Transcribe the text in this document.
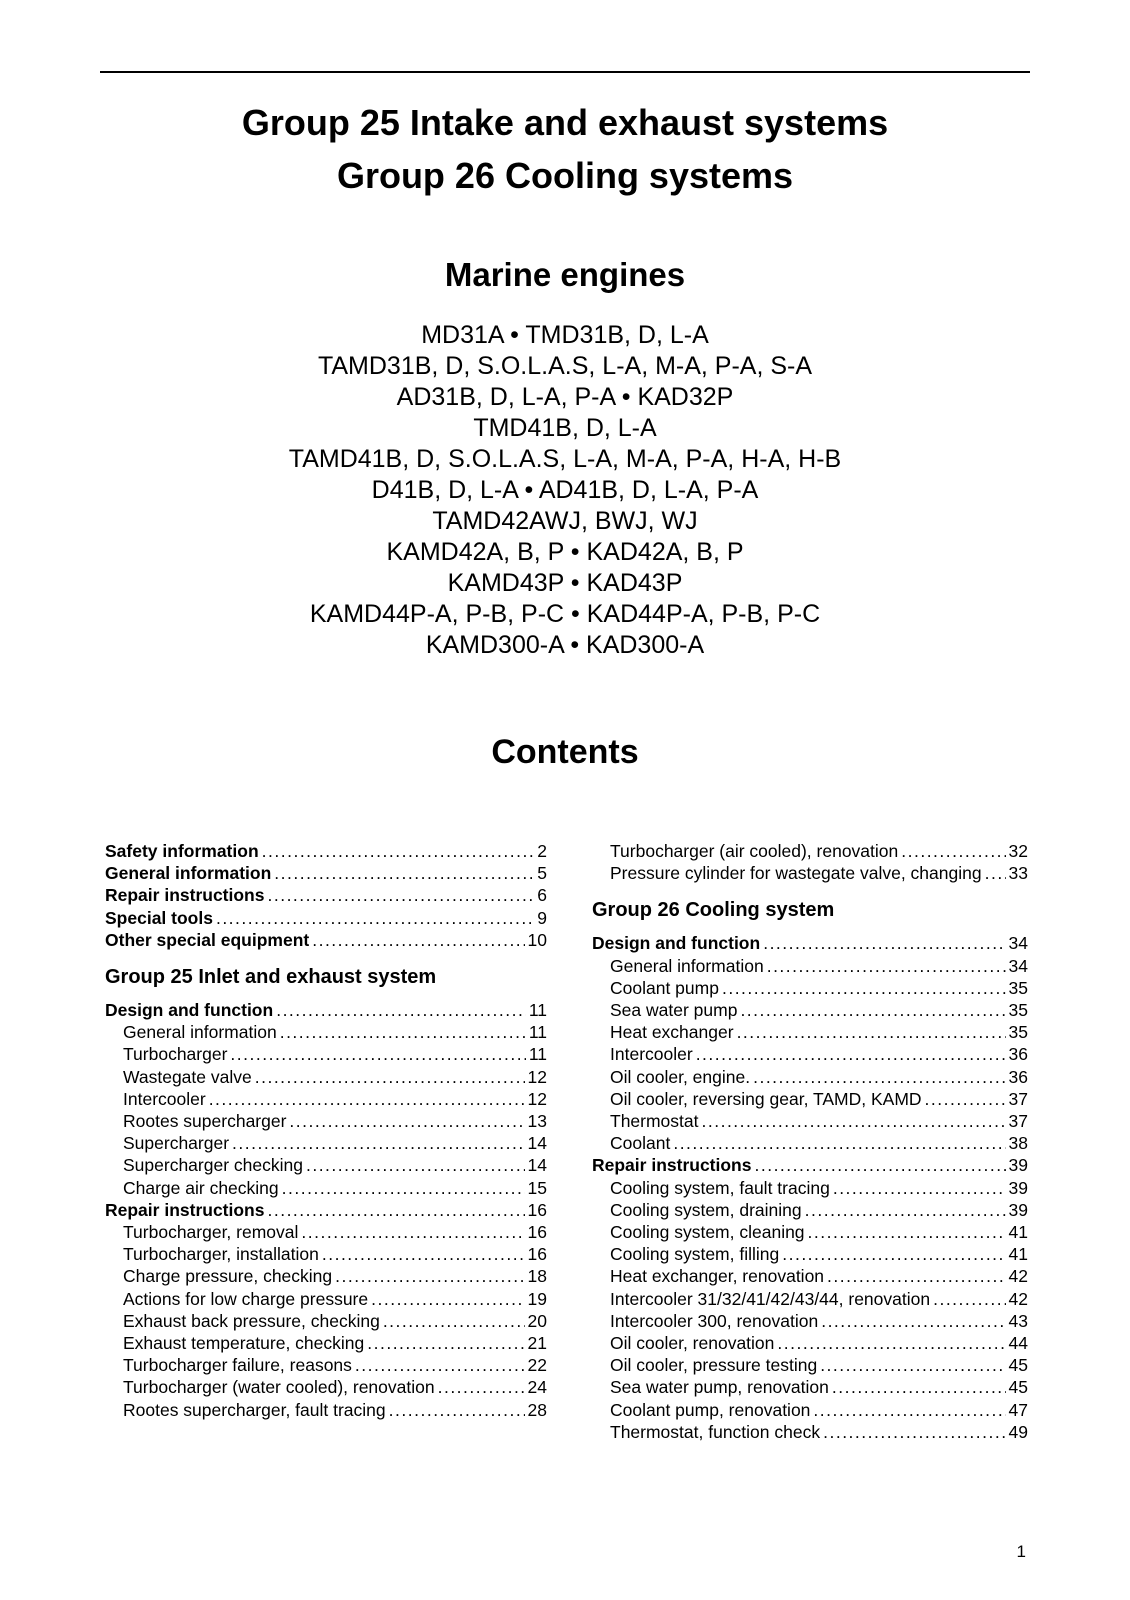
Group 25 Intake and exhaust systems
Group 26 Cooling systems
Marine engines
MD31A • TMD31B, D, L-A
TAMD31B, D, S.O.L.A.S, L-A, M-A, P-A, S-A
AD31B, D, L-A, P-A • KAD32P
TMD41B, D, L-A
TAMD41B, D, S.O.L.A.S, L-A, M-A, P-A, H-A, H-B
D41B, D, L-A • AD41B, D, L-A, P-A
TAMD42AWJ, BWJ, WJ
KAMD42A, B, P • KAD42A, B, P
KAMD43P • KAD43P
KAMD44P-A, P-B, P-C • KAD44P-A, P-B, P-C
KAMD300-A • KAD300-A
Contents
Safety information .....	2
General information .....	5
Repair instructions .....	6
Special tools .....	9
Other special equipment .....	10
Group 25 Inlet and exhaust system
Design and function .....	11
General information .....	11
Turbocharger .....	11
Wastegate valve .....	12
Intercooler .....	12
Rootes supercharger .....	13
Supercharger .....	14
Supercharger checking .....	14
Charge air checking .....	15
Repair instructions .....	16
Turbocharger, removal .....	16
Turbocharger, installation .....	16
Charge pressure, checking .....	18
Actions for low charge pressure .....	19
Exhaust back pressure, checking .....	20
Exhaust temperature, checking .....	21
Turbocharger failure, reasons .....	22
Turbocharger (water cooled), renovation .....	24
Rootes supercharger, fault tracing .....	28
Turbocharger (air cooled), renovation .....	32
Pressure cylinder for wastegate valve, changing ..... 33
Group 26 Cooling system
Design and function .....	34
General information .....	34
Coolant pump .....	35
Sea water pump .....	35
Heat exchanger .....	35
Intercooler .....	36
Oil cooler, engine. .....	36
Oil cooler, reversing gear, TAMD, KAMD .....	37
Thermostat .....	37
Coolant .....	38
Repair instructions .....	39
Cooling system, fault tracing .....	39
Cooling system, draining .....	39
Cooling system, cleaning .....	41
Cooling system, filling .....	41
Heat exchanger, renovation .....	42
Intercooler 31/32/41/42/43/44, renovation .....	42
Intercooler 300, renovation .....	43
Oil cooler, renovation .....	44
Oil cooler, pressure testing .....	45
Sea water pump, renovation .....	45
Coolant pump, renovation .....	47
Thermostat, function check .....	49
1
